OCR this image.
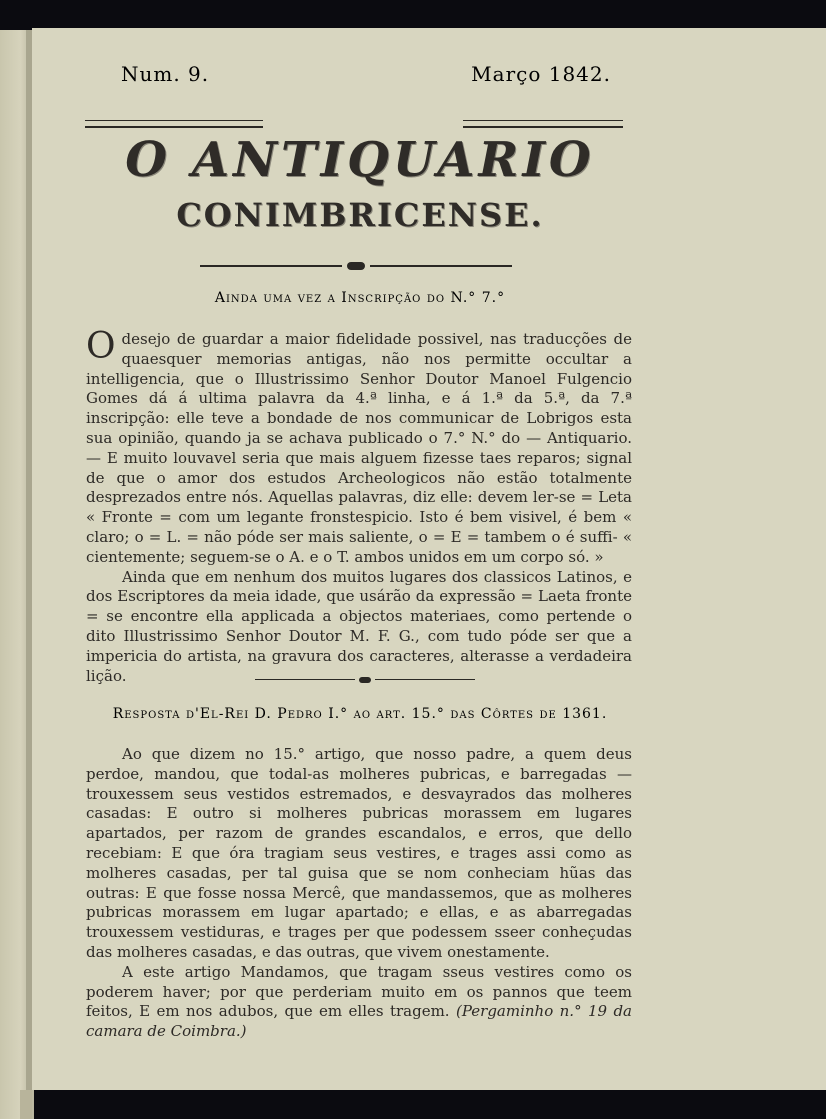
Num. 9.	Março 1842.
O ANTIQUARIO
CONIMBRICENSE.
Ainda uma vez a Inscripção do N.° 7.°

Odesejo de guardar a maior fidelidade possivel, nas traducções de quaesquer memorias antigas, não nos permitte occultar a intelligencia, que o Illustrissimo Senhor Doutor Manoel Fulgencio Gomes dá á ultima palavra da 4.ª linha, e á 1.ª da 5.ª, da 7.ª inscripção: elle teve a bondade de nos communicar de Lobrigos esta sua opinião, quando ja se achava publicado o 7.° N.° do — Antiquario. — E muito louvavel seria que mais alguem fizesse taes reparos; signal de que o amor dos estudos Archeologicos não estão totalmente desprezados entre nós. Aquellas palavras, diz elle: devem ler-se = Leta « Fronte = com um legante fronstespicio. Isto é bem visivel, é bem « claro; o = L. = não póde ser mais saliente, o = E = tambem o é suffi- « cientemente; seguem-se o A. e o T. ambos unidos em um corpo só. »

Ainda que em nenhum dos muitos lugares dos classicos Latinos, e dos Escriptores da meia idade, que usárão da expressão = Laeta fronte = se encontre ella applicada a objectos materiaes, como pertende o dito Illustrissimo Senhor Doutor M. F. G., com tudo póde ser que a impericia do artista, na gravura dos caracteres, alterasse a verdadeira lição.

Resposta d'El-Rei D. Pedro I.° ao art. 15.° das Côrtes de 1361.

Ao que dizem no 15.° artigo, que nosso padre, a quem deus perdoe, mandou, que todal-as molheres pubricas, e barregadas — trouxessem seus vestidos estremados, e desvayrados das molheres casadas: E outro si molheres pubricas morassem em lugares apartados, per razom de grandes escandalos, e erros, que dello recebiam: E que óra tragiam seus vestires, e trages assi como as molheres casadas, per tal guisa que se nom conheciam hũas das outras: E que fosse nossa Mercê, que mandassemos, que as molheres pubricas morassem em lugar apartado; e ellas, e as abarregadas trouxessem vestiduras, e trages per que podessem sseer conheçudas das molheres casadas, e das outras, que vivem onestamente.

A este artigo Mandamos, que tragam sseus vestires como os poderem haver; por que perderiam muito em os pannos que teem feitos, E em nos adubos, que em elles tragem. (Pergaminho n.° 19 da camara de Coimbra.)
